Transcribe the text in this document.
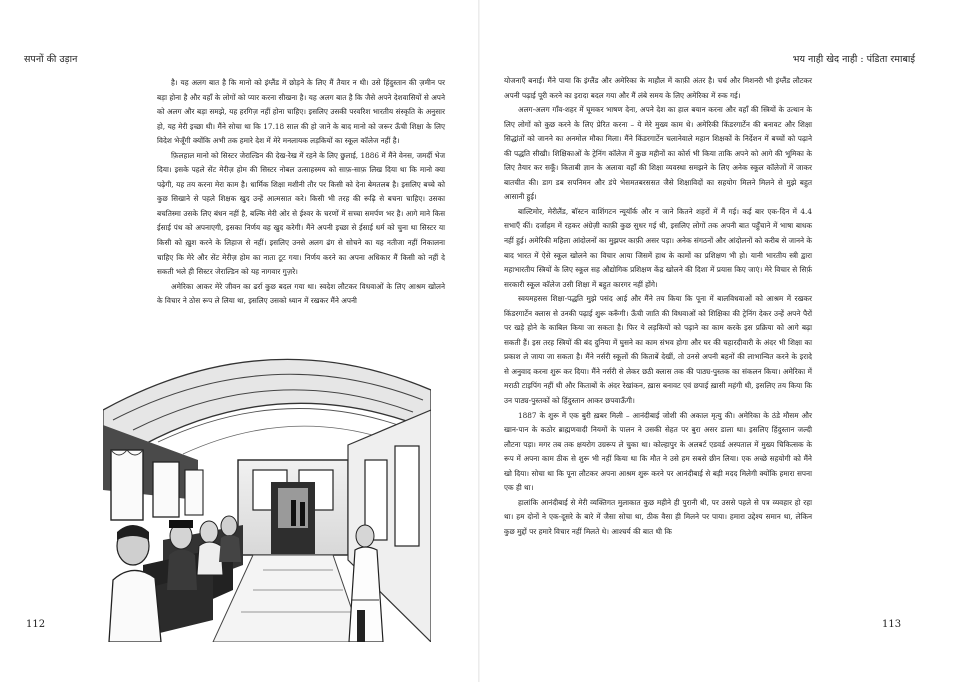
सपनों की उड़ान

है। यह अलग बात है कि मानो को इंग्लैंड में छोड़ने के लिए मैं तैयार न थी। उसे हिंदुस्तान की ज़मीन पर बड़ा होना है और वहाँ के लोगों को प्यार करना सीखना है। यह अलग बात है कि जैसे अपने देशवासियों से अपने को अलग और बड़ा समझे, यह हरगिज़ नहीं होना चाहिए। इसलिए उसकी परवरिश भारतीय संस्कृति के अनुसार हो, यह मेरी इच्छा थी। मैंने सोचा था कि 17.18 साल की हो जाने के बाद मानो को जरूर ऊँची शिक्षा के लिए विदेश भेजूँगी क्योंकि अभी तक हमारे देश में मेरे मनलायक लड़कियों का स्कूल कॉलेज नहीं है।

फ़िलहाल मानो को सिस्टर जेराल्डिन की देख-रेख में रहने के लिए छुलाई, 1886 में मैंने वेनस, जमर्दी भेज दिया। इसके पहले सेंट मेरीज़ होम की सिस्टर नोबल उत्साहस्मय को साफ़-साफ़ लिख दिया था कि मानो क्या पढ़ेगी, यह तय करना मेरा काम है। धार्मिक शिक्षा मशीनी तौर पर किसी को देना बेमतलब है। इसलिए बच्चे को कुछ सिखाने से पहले शिक्षक खुद उन्हें आत्मसात करे। किसी भी तरह की रूढ़ि से बचना चाहिए। उसका बचतिस्मा उसके लिए बंधन नहीं है, बल्कि मेरी ओर से ईश्वर के चरणों में सच्चा समर्पण भर है। आगे माने किस ईसाई पंथ को अपनाएगी, इसका निर्णय वह खुद करेगी। मैंने अपनी इच्छा से ईसाई धर्म को चुना था सिस्टर या किसी को ख़ुश करने के लिहाज से नहीं। इसलिए उनसे अलग ढंग से सोचने का यह नतीजा नहीं निकालना चाहिए कि मेरे और सेंट मेरीज़ होम का नाता टूट गया। निर्णय करने का अपना अधिकार मैं किसी को नहीं दे सकती भले ही सिस्टर जेराल्डिन को यह नागवार गुज़रे।

अमेरिका आकर मेरे जीवन का ढर्रा कुछ बदल गया था। स्वदेश लौटकर विधवाओं के लिए आश्रम खोलने के विचार ने ठोस रूप ले लिया था, इसलिए उसको ध्यान में रखकर मैंने अपनी

112
भय नाही खेद नाही : पंडिता रमाबाई

योजनाएँ बनाईं। मैंने पाया कि इंग्लैंड और अमेरिका के माहौल में काफ़ी अंतर है। चर्च और मिशनरी भी इंग्लैंड लौटकर अपनी पढ़ाई पूरी करने का इरादा बदल गया और मैं लंबे समय के लिए अमेरिका में रुक गई।

अलग-अलग गाँव-शहर में घूमकर भाषण देना, अपने देश का हाल बयान करना और वहाँ की स्त्रियों के उत्थान के लिए लोगों को कुछ करने के लिए प्रेरित करना – ये मेरे मुख्य काम थे। अमेरिकी किंडरगार्टेन की बनावट और शिक्षा सिद्धांतों को जानने का अनमोल मौका मिला। मैंने किंडरगार्टेन चलानेवाले महान शिक्षकों के निर्देशन में बच्चों को पढ़ाने की पद्धति सीखी। शिक्षिकाओं के ट्रेनिंग कॉलेज में कुछ महीनों का कोर्स भी किया ताकि अपने को आगे की भूमिका के लिए तैयार कर सकूँ। किताबी ज्ञान के अलावा वहाँ की शिक्षा व्यवस्था समझने के लिए अनेक स्कूल कॉलेजों में जाकर बातचीत की। डाग डब सपनिमन और डंपे भेसमतबरससत जैसे शिक्षाविदों का सहयोग मिलने मिलने से मुझे बहुत आसानी हुई।

बाल्टिमोर, मेरीलैंड, बॉस्टन वाशिंगटन न्यूयॉर्क और न जाने कितने शहरों में मैं गई। कई बार एक-दिन में 4.4 सभाएँ कीं। दर्जाहम में रहकर अंग्रेज़ी काफ़ी कुछ सुधर गई थी, इसलिए लोगों तक अपनी बात पहुँचाने में भाषा बाधक नहीं हुई। अमेरिकी महिला आंदोलनों का मुझपर काफ़ी असर पड़ा। अनेक संगठनों और आंदोलनों को करीब से जानने के बाद भारत में ऐसे स्कूल खोलने का विचार आया जिसमें हाथ के कामों का प्रशिक्षण भी हो। यानी भारतीय स्त्री द्वारा महाभारतीय स्त्रियों के लिए स्कूल सह औद्योगिक प्रशिक्षण केंद्र खोलने की दिशा में प्रयास किए जाएं। मेरे विचार से सिर्फ़ सरकारी स्कूल कॉलेज उसी शिक्षा में बहुत कारगर नहीं होंगे।

स्वयमहसस शिक्षा-पद्धति मुझे पसंद आई और मैंने तय किया कि पूना में बालविधवाओं को आश्रम में रखकर किंडरगार्टेन क्लास से उनकी पढ़ाई शुरू करूँगी। ऊँची जाति की विधवाओं को शिक्षिका की ट्रेनिंग देकर उन्हें अपने पैरों पर खड़े होने के काबिल किया जा सकता है। फिर ये लड़कियों को पढ़ाने का काम करके इस प्रक्रिया को आगे बढ़ा सकती हैं। इस तरह स्त्रियों की बंद दुनिया में घुसने का काम संभव होगा और घर की चहारदीवारी के अंदर भी शिक्षा का प्रकाश ले जाया जा सकता है। मैंने नर्सरी स्कूलों की किताबें देखीं, तो उनसे अपनी बहनों की लाभान्वित करने के इरादे से अनुवाद करना शुरू कर दिया। मैंने नर्सरी से लेकर छठी क्लास तक की पाठ्य-पुस्तक का संकलन किया। अमेरिका में मराठी टाइपिंग नहीं थी और किताबों के अंदर रेखांकन, ख़ास बनावट एवं छपाई ख़ासी महंगी थी, इसलिए तय किया कि उन पाठ्य-पुस्तकों को हिंदुस्तान आकर छपवाऊँगी।

1887 के शुरू में एक बुरी ख़बर मिली – आनंदीबाई जोशी की अकाल मृत्यु की। अमेरिका के ठंडे मौसम और खान-पान के कठोर ब्राह्मणवादी नियमों के पालन ने उसकी सेहत पर बुरा असर डाला था। इसलिए हिंदुस्तान जल्दी लौटना पड़ा। मगर तब तक क्षयरोग उग्ररूप ले चुका था। कोल्हापुर के अलबर्ट एडवर्ड अस्पताल में मुख्य चिकित्सक के रूप में अपना काम ठीक से शुरू भी नहीं किया था कि मौत ने उसे हम सबसे छीन लिया। एक अच्छे सहयोगी को मैंने खो दिया। सोचा था कि पूना लौटकर अपना आश्रम शुरू करने पर आनंदीबाई से बड़ी मदद मिलेगी क्योंकि हमारा सपना एक ही था।

हालांकि आनंदीबाई से मेरी व्यक्तिगत मुलाकात कुछ महीने ही पुरानी थी, पर उससे पहले से पत्र व्यवहार हो रहा था। हम दोनों ने एक-दूसरे के बारे में जैसा सोचा था, ठीक वैसा ही मिलने पर पाया। हमारा उद्देश्य समान था, लेकिन कुछ मुद्दों पर हमारे विचार नहीं मिलते थे। आश्चर्य की बात थी कि

113
